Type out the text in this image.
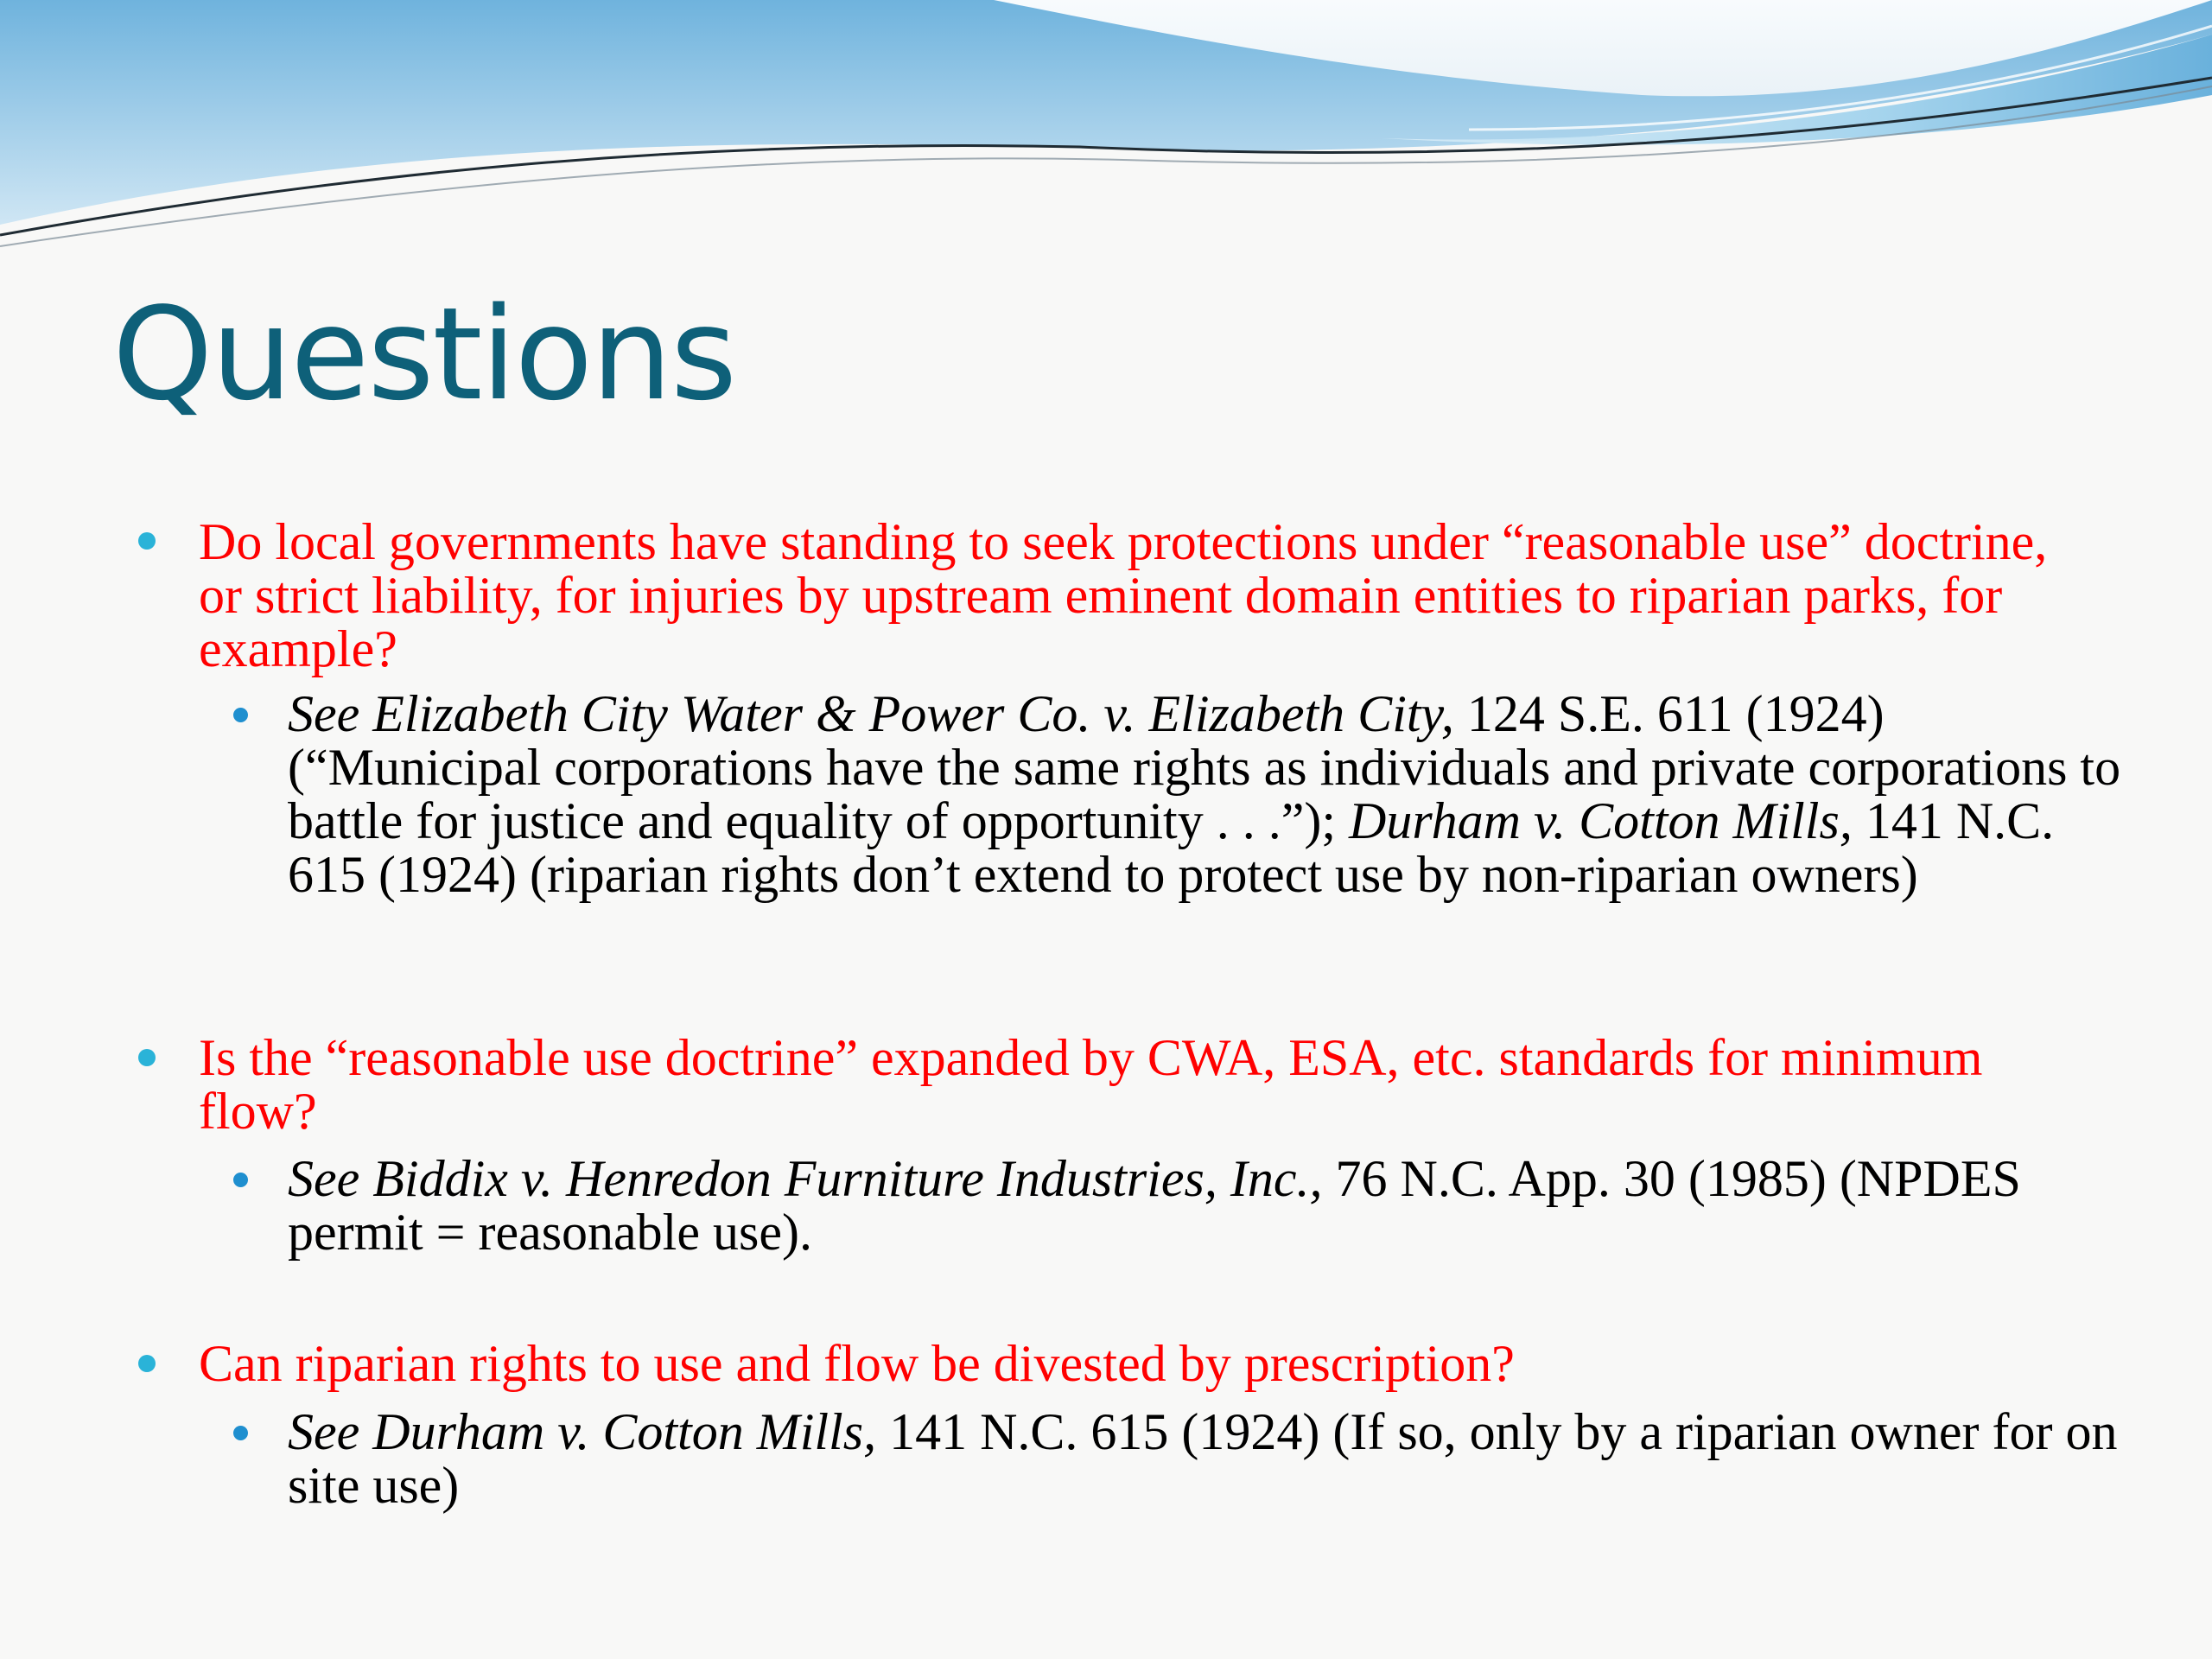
Questions

Do local governments have standing to seek protections under “reasonable use” doctrine, or strict liability, for injuries by upstream eminent domain entities to riparian parks, for example?

See Elizabeth City Water & Power Co. v. Elizabeth City, 124 S.E. 611 (1924) (“Municipal corporations have the same rights as individuals and private corporations to battle for justice and equality of opportunity . . .”); Durham v. Cotton Mills, 141 N.C. 615 (1924) (riparian rights don’t extend to protect use by non-riparian owners)

Is the “reasonable use doctrine” expanded by CWA, ESA, etc. standards for minimum flow?

See Biddix v. Henredon Furniture Industries, Inc., 76 N.C. App. 30 (1985) (NPDES permit = reasonable use).

Can riparian rights to use and flow be divested by prescription?

See Durham v. Cotton Mills, 141 N.C. 615 (1924) (If so, only by a riparian owner for on site use)
